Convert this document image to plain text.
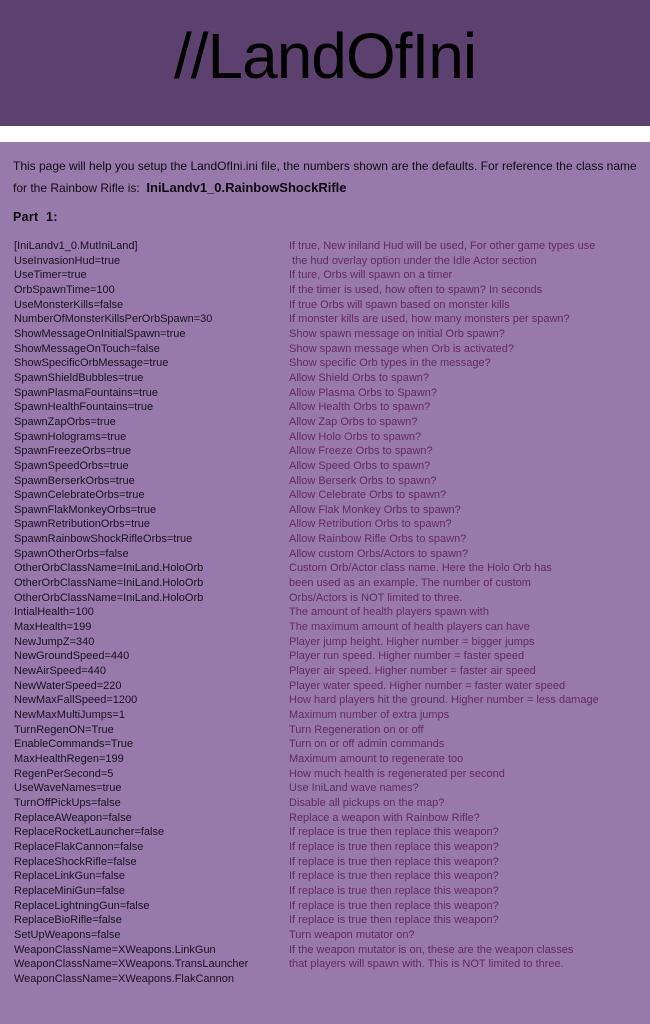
//LandOfIni
This page will help you setup the LandOfIni.ini file, the numbers shown are the defaults. For reference the class name for the Rainbow Rifle is:  IniLandv1_0.RainbowShockRifle
Part  1:
[IniLandv1_0.MutIniLand]	If true, New iniland Hud will be used, For other game types use
UseInvasionHud=true	the hud overlay option under the Idle Actor section
UseTimer=true	If ture, Orbs will spawn on a timer
OrbSpawnTime=100	If the timer is used, how often to spawn? In seconds
UseMonsterKills=false	If true Orbs will spawn based on monster kills
NumberOfMonsterKillsPerOrbSpawn=30	If monster kills are used, how many monsters per spawn?
ShowMessageOnInitialSpawn=true	Show spawn message on initial Orb spawn?
ShowMessageOnTouch=false	Show spawn message when Orb is activated?
ShowSpecificOrbMessage=true	Show specific Orb types in the message?
SpawnShieldBubbles=true	Allow Shield Orbs to spawn?
SpawnPlasmaFountains=true	Allow Plasma Orbs to Spawn?
SpawnHealthFountains=true	Allow Health Orbs to spawn?
SpawnZapOrbs=true	Allow Zap Orbs to spawn?
SpawnHolograms=true	Allow Holo Orbs to spawn?
SpawnFreezeOrbs=true	Allow Freeze Orbs to spawn?
SpawnSpeedOrbs=true	Allow Speed Orbs to spawn?
SpawnBerserkOrbs=true	Allow Berserk Orbs to spawn?
SpawnCelebrateOrbs=true	Allow Celebrate Orbs to spawn?
SpawnFlakMonkeyOrbs=true	Allow Flak Monkey Orbs to spawn?
SpawnRetributionOrbs=true	Allow Retribution Orbs to spawn?
SpawnRainbowShockRifleOrbs=true	Allow Rainbow Rifle Orbs to spawn?
SpawnOtherOrbs=false	Allow custom Orbs/Actors to spawn?
OtherOrbClassName=IniLand.HoloOrb	Custom Orb/Actor class name. Here the Holo Orb has
OtherOrbClassName=IniLand.HoloOrb	been used as an example. The number of custom
OtherOrbClassName=IniLand.HoloOrb	Orbs/Actors is NOT limited to three.
IntialHealth=100	The amount of health players spawn with
MaxHealth=199	The maximum amount of health players can have
NewJumpZ=340	Player jump height. Higher number = bigger jumps
NewGroundSpeed=440	Player run speed. Higher number = faster speed
NewAirSpeed=440	Player air speed. Higher number = faster air speed
NewWaterSpeed=220	Player water speed. Higher number = faster water speed
NewMaxFallSpeed=1200	How hard players hit the ground. Higher number = less damage
NewMaxMultiJumps=1	Maximum number of extra jumps
TurnRegenON=True	Turn Regeneration on or off
EnableCommands=True	Turn on or off admin commands
MaxHealthRegen=199	Maximum amount to regenerate too
RegenPerSecond=5	How much health is regenerated per second
UseWaveNames=true	Use IniLand wave names?
TurnOffPickUps=false	Disable all pickups on the map?
ReplaceAWeapon=false	Replace a weapon with Rainbow Rifle?
ReplaceRocketLauncher=false	If replace is true then replace this weapon?
ReplaceFlakCannon=false	If replace is true then replace this weapon?
ReplaceShockRifle=false	If replace is true then replace this weapon?
ReplaceLinkGun=false	If replace is true then replace this weapon?
ReplaceMiniGun=false	If replace is true then replace this weapon?
ReplaceLightningGun=false	If replace is true then replace this weapon?
ReplaceBioRifle=false	If replace is true then replace this weapon?
SetUpWeapons=false	Turn weapon mutator on?
WeaponClassName=XWeapons.LinkGun	If the weapon mutator is on, these are the weapon classes
WeaponClassName=XWeapons.TransLauncher	that players will spawn with. This is NOT limited to three.
WeaponClassName=XWeapons.FlakCannon
